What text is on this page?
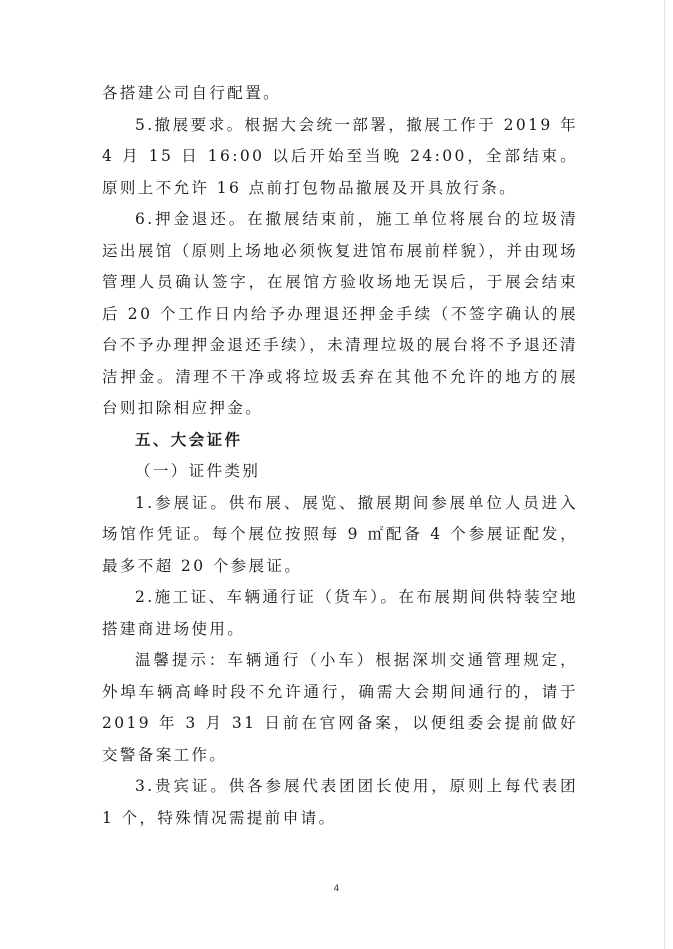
各搭建公司自行配置。

5.撤展要求。根据大会统一部署，撤展工作于 2019 年 4 月 15 日 16:00 以后开始至当晚 24:00，全部结束。原则上不允许 16 点前打包物品撤展及开具放行条。

6.押金退还。在撤展结束前，施工单位将展台的垃圾清运出展馆（原则上场地必须恢复进馆布展前样貌），并由现场管理人员确认签字，在展馆方验收场地无误后，于展会结束后 20 个工作日内给予办理退还押金手续（不签字确认的展台不予办理押金退还手续），未清理垃圾的展台将不予退还清洁押金。清理不干净或将垃圾丢弃在其他不允许的地方的展台则扣除相应押金。

五、大会证件

（一）证件类别

1.参展证。供布展、展览、撤展期间参展单位人员进入场馆作凭证。每个展位按照每 9 ㎡配备 4 个参展证配发，最多不超 20 个参展证。

2.施工证、车辆通行证（货车）。在布展期间供特装空地搭建商进场使用。

温馨提示：车辆通行（小车）根据深圳交通管理规定，外埠车辆高峰时段不允许通行，确需大会期间通行的，请于 2019 年 3 月 31 日前在官网备案，以便组委会提前做好交警备案工作。

3.贵宾证。供各参展代表团团长使用，原则上每代表团 1 个，特殊情况需提前申请。

4
